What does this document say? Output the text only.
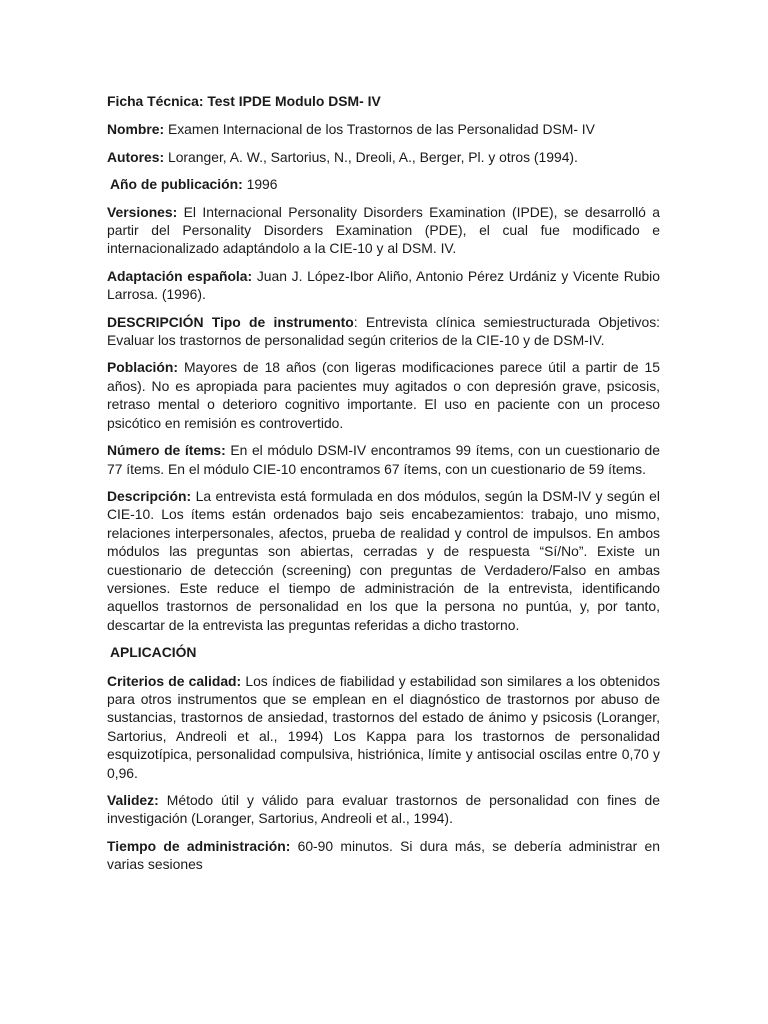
Ficha Técnica: Test IPDE Modulo DSM- IV

Nombre: Examen Internacional de los Trastornos de las Personalidad DSM- IV

Autores: Loranger, A. W., Sartorius, N., Dreoli, A., Berger, Pl. y otros (1994).

Año de publicación: 1996

Versiones: El Internacional Personality Disorders Examination (IPDE), se desarrolló a partir del Personality Disorders Examination (PDE), el cual fue modificado e internacionalizado adaptándolo a la CIE-10 y al DSM. IV.

Adaptación española: Juan J. López-Ibor Aliño, Antonio Pérez Urdániz y Vicente Rubio Larrosa. (1996).

DESCRIPCIÓN Tipo de instrumento: Entrevista clínica semiestructurada Objetivos: Evaluar los trastornos de personalidad según criterios de la CIE-10 y de DSM-IV.

Población: Mayores de 18 años (con ligeras modificaciones parece útil a partir de 15 años). No es apropiada para pacientes muy agitados o con depresión grave, psicosis, retraso mental o deterioro cognitivo importante. El uso en paciente con un proceso psicótico en remisión es controvertido.

Número de ítems: En el módulo DSM-IV encontramos 99 ítems, con un cuestionario de 77 ítems. En el módulo CIE-10 encontramos 67 ítems, con un cuestionario de 59 ítems.

Descripción: La entrevista está formulada en dos módulos, según la DSM-IV y según el CIE-10. Los ítems están ordenados bajo seis encabezamientos: trabajo, uno mismo, relaciones interpersonales, afectos, prueba de realidad y control de impulsos. En ambos módulos las preguntas son abiertas, cerradas y de respuesta “Sí/No”. Existe un cuestionario de detección (screening) con preguntas de Verdadero/Falso en ambas versiones. Este reduce el tiempo de administración de la entrevista, identificando aquellos trastornos de personalidad en los que la persona no puntúa, y, por tanto, descartar de la entrevista las preguntas referidas a dicho trastorno.

APLICACIÓN

Criterios de calidad: Los índices de fiabilidad y estabilidad son similares a los obtenidos para otros instrumentos que se emplean en el diagnóstico de trastornos por abuso de sustancias, trastornos de ansiedad, trastornos del estado de ánimo y psicosis (Loranger, Sartorius, Andreoli et al., 1994) Los Kappa para los trastornos de personalidad esquizotípica, personalidad compulsiva, histriónica, límite y antisocial oscilas entre 0,70 y 0,96.

Validez: Método útil y válido para evaluar trastornos de personalidad con fines de investigación (Loranger, Sartorius, Andreoli et al., 1994).

Tiempo de administración: 60-90 minutos. Si dura más, se debería administrar en varias sesiones
